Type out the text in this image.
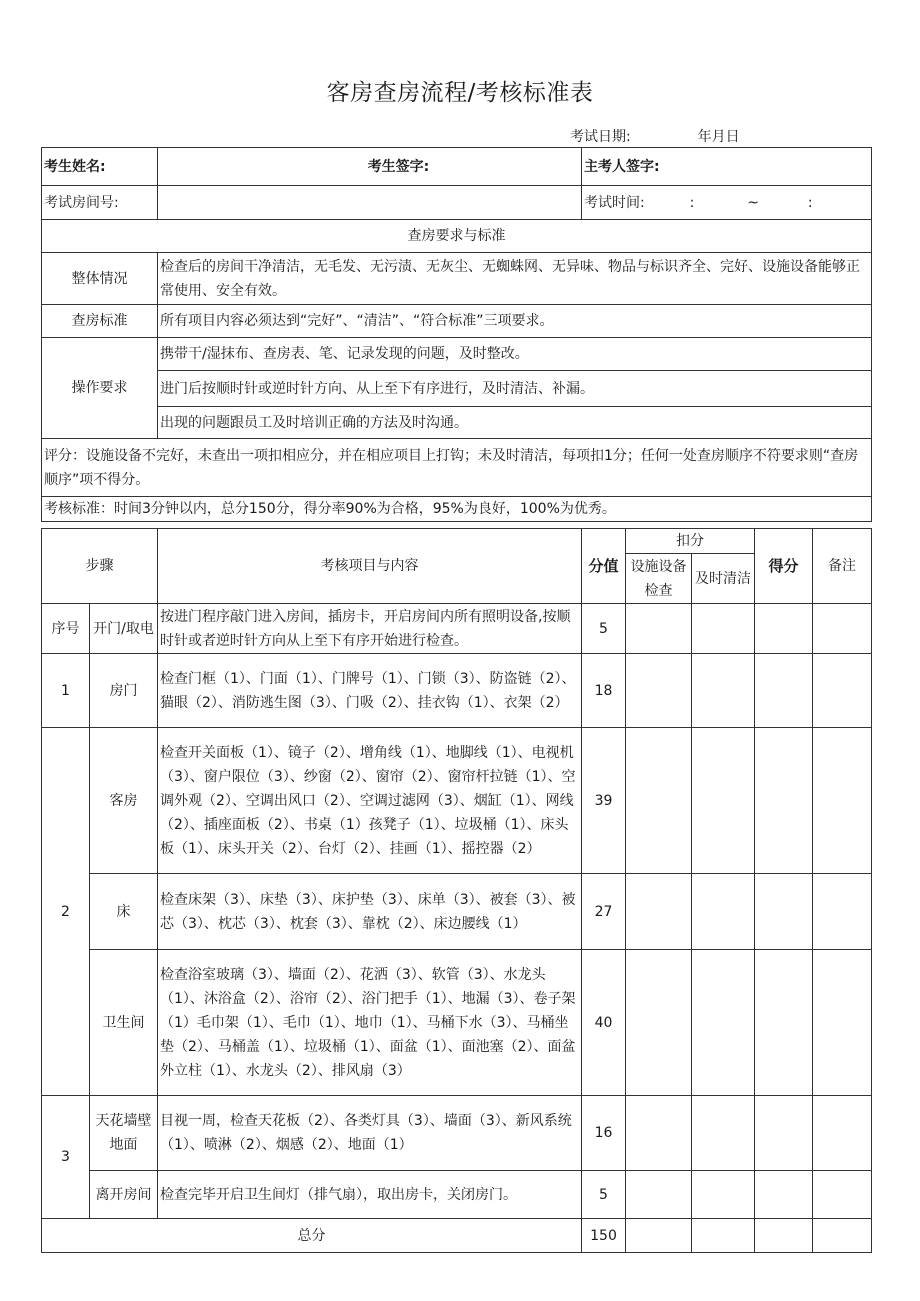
客房查房流程/考核标准表
考试日期:	年月日
考生姓名:	考生签字:	主考人签字:
考试房间号:		考试时间: : ~ :
查房要求与标准		
整体情况	检查后的房间干净清洁，无毛发、无污渍、无灰尘、无蜘蛛网、无异味、物品与标识齐全、完好、设施设备能够正常使用、安全有效。	
查房标准	所有项目内容必须达到“完好”、“清洁”、“符合标准”三项要求。	
操作要求	携带干/湿抹布、查房表、笔、记录发现的问题，及时整改。	
	进门后按顺时针或逆时针方向、从上至下有序进行，及时清洁、补漏。	
	出现的问题跟员工及时培训正确的方法及时沟通。	
评分：设施设备不完好，未查出一项扣相应分，并在相应项目上打钩；未及时清洁，每项扣1分；任何一处查房顺序不符要求则“查房顺序”项不得分。		
考核标准：时间3分钟以内，总分150分，得分率90%为合格，95%为良好，100%为优秀。		
步骤		考核项目与内容	分值	扣分		得分	备注
				设施设备检查	及时清洁		
序号	开门/取电	按进门程序敲门进入房间，插房卡，开启房间内所有照明设备,按顺时针或者逆时针方向从上至下有序开始进行检查。	5				
1	房门	检查门框（1）、门面（1）、门牌号（1）、门锁（3）、防盗链（2）、猫眼（2）、消防逃生图（3）、门吸（2）、挂衣钩（1）、衣架（2）	18				
2	客房	检查开关面板（1）、镜子（2）、增角线（1）、地脚线（1）、电视机（3）、窗户限位（3）、纱窗（2）、窗帘（2）、窗帘杆拉链（1）、空调外观（2）、空调出风口（2）、空调过滤网（3）、烟缸（1）、网线（2）、插座面板（2）、书桌（1）孩凳子（1）、垃圾桶（1）、床头板（1）、床头开关（2）、台灯（2）、挂画（1）、摇控器（2）	39				
	床	检查床架（3）、床垫（3）、床护垫（3）、床单（3）、被套（3）、被芯（3）、枕芯（3）、枕套（3）、靠枕（2）、床边腰线（1）	27				
	卫生间	检查浴室玻璃（3）、墙面（2）、花洒（3）、软管（3）、水龙头（1）、沐浴盒（2）、浴帘（2）、浴门把手（1）、地漏（3）、卷子架（1）毛巾架（1）、毛巾（1）、地巾（1）、马桶下水（3）、马桶坐垫（2）、马桶盖（1）、垃圾桶（1）、面盆（1）、面池塞（2）、面盆外立柱（1）、水龙头（2）、排风扇（3）	40				
3	天花墙壁地面	目视一周，检查天花板（2）、各类灯具（3）、墙面（3）、新风系统（1）、喷淋（2）、烟感（2）、地面（1）	16				
	离开房间	检查完毕开启卫生间灯（排气扇），取出房卡，关闭房门。	5				
总分			150				
